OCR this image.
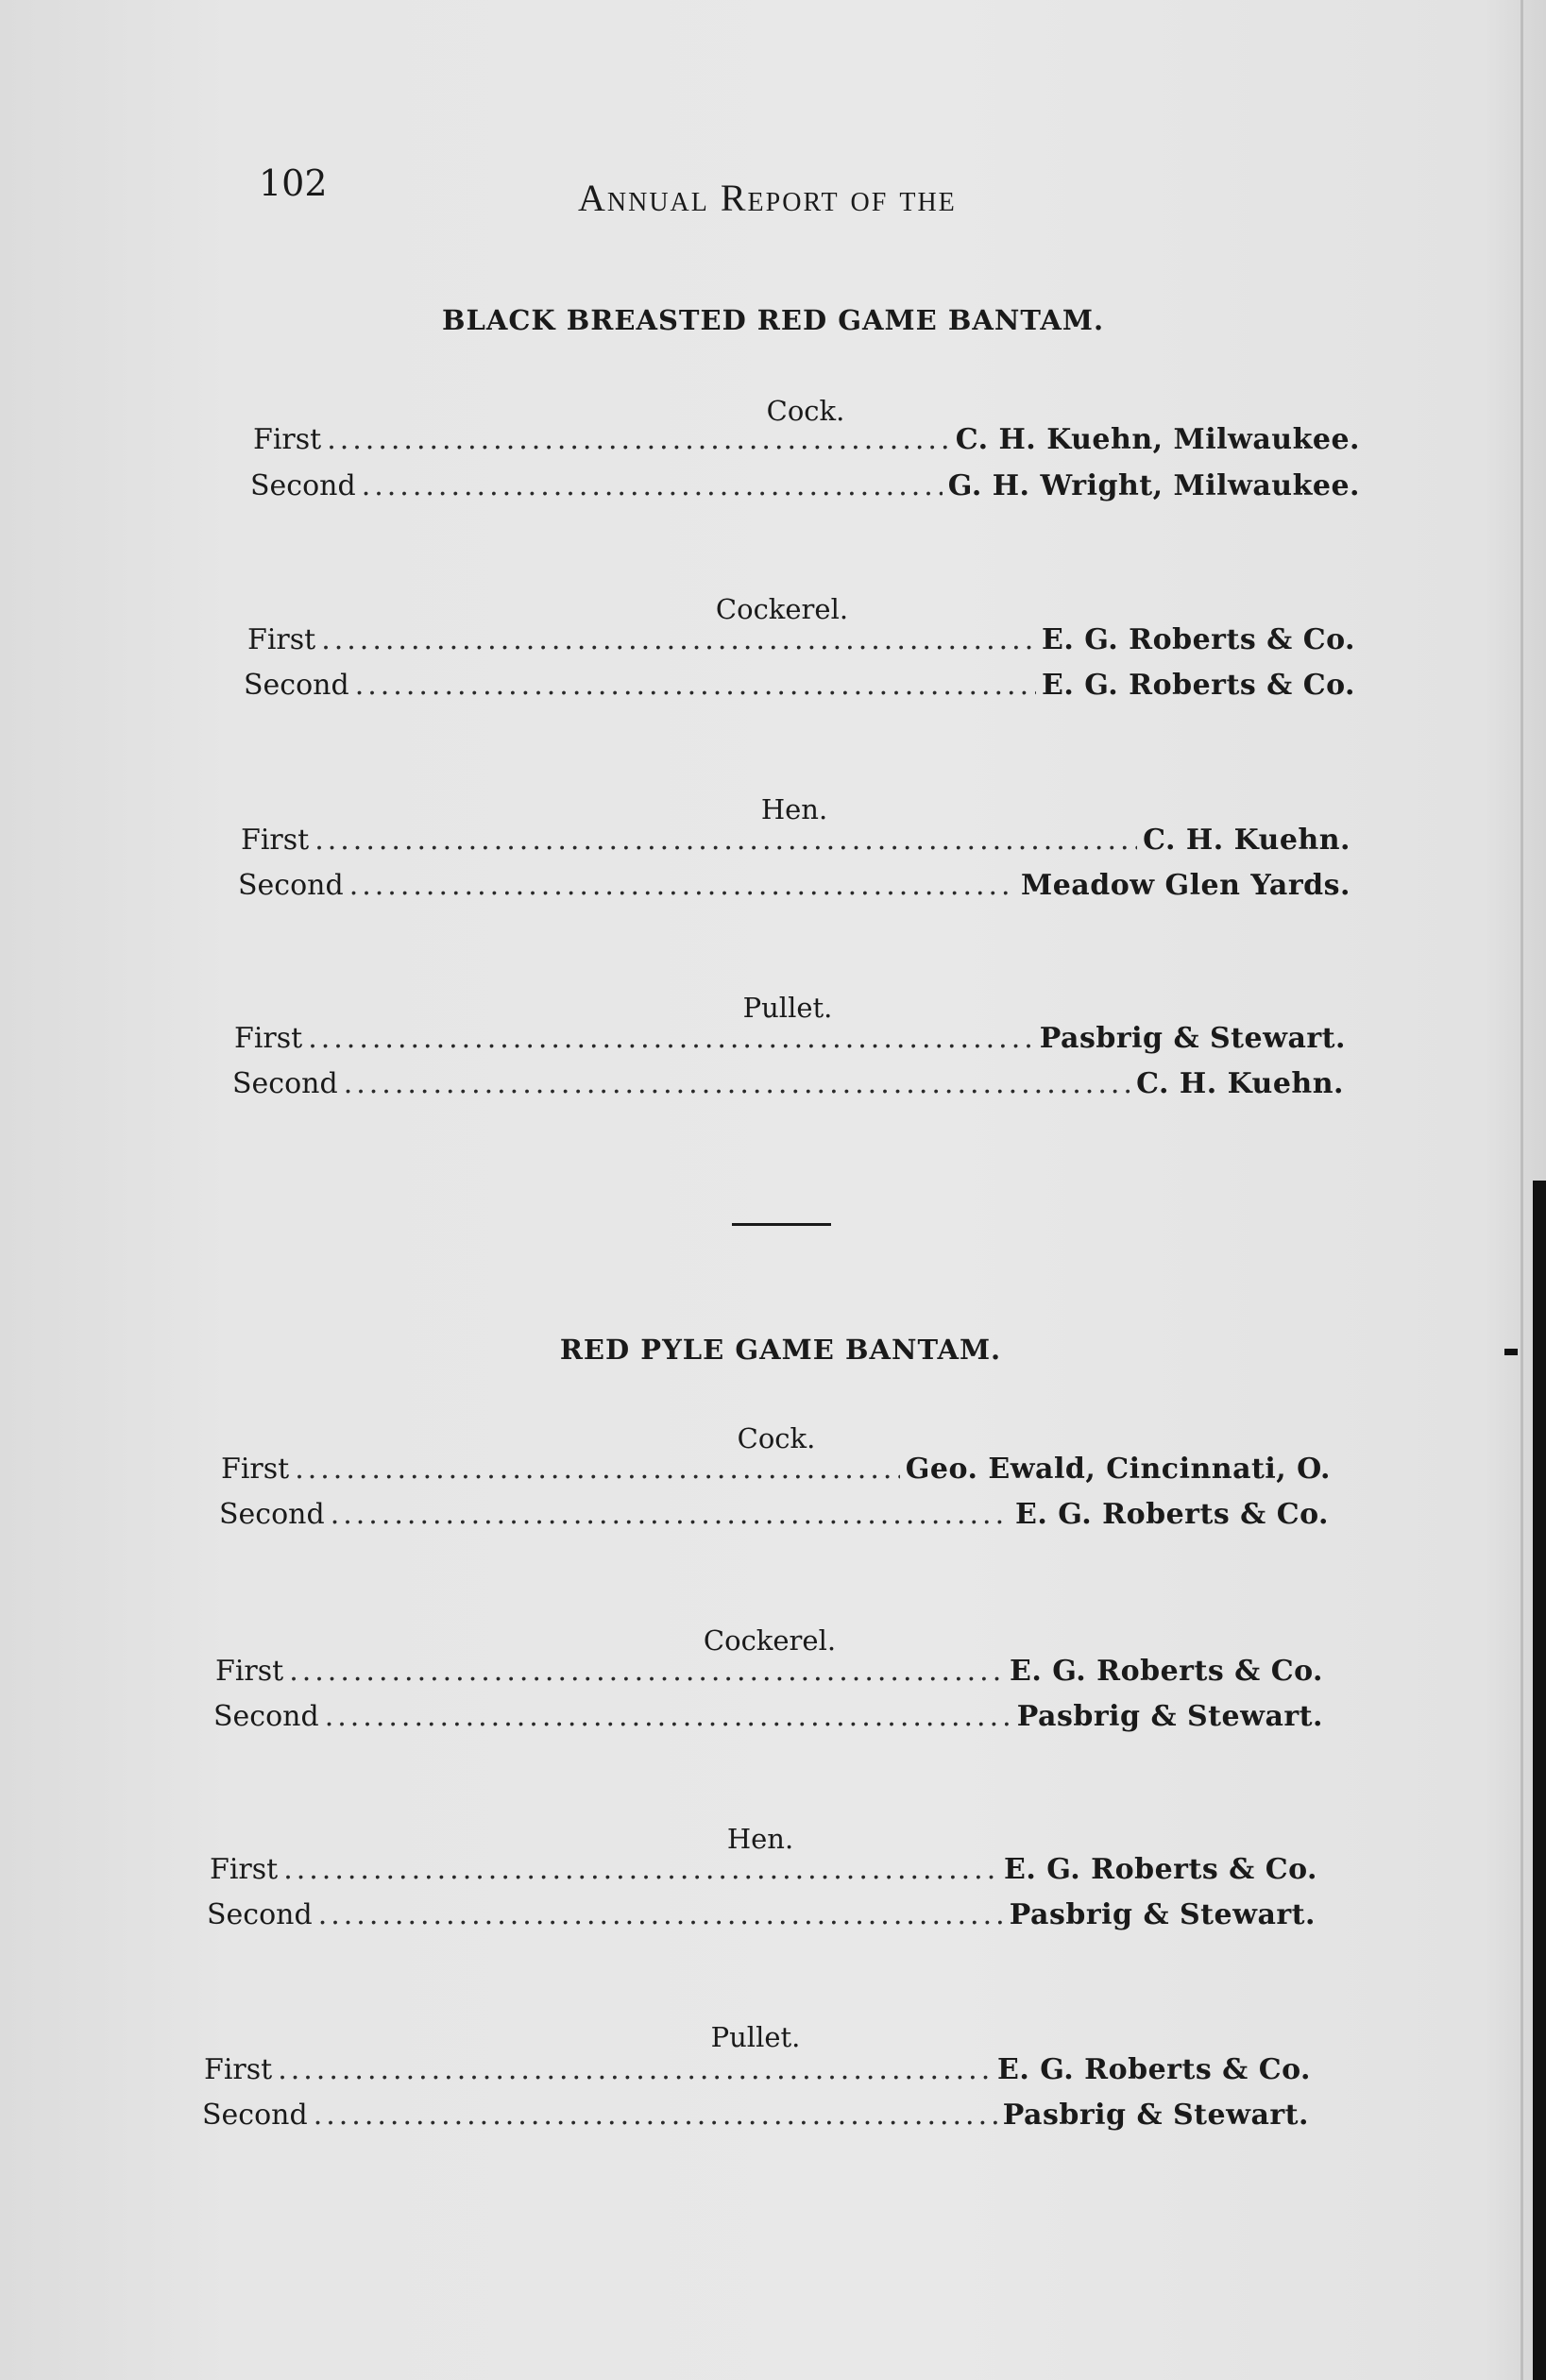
102	Annual Report of the
BLACK BREASTED RED GAME BANTAM.
Cock.
First .....	C. H. Kuehn, Milwaukee.
Second .....	G. H. Wright, Milwaukee.
Cockerel.
First .....	E. G. Roberts & Co.
Second .....	E. G. Roberts & Co.
Hen.
First .....	C. H. Kuehn.
Second .....	Meadow Glen Yards.
Pullet.
First .....	Pasbrig & Stewart.
Second .....	C. H. Kuehn.
RED PYLE GAME BANTAM.
Cock.
First .....	Geo. Ewald, Cincinnati, O.
Second .....	E. G. Roberts & Co.
Cockerel.
First .....	E. G. Roberts & Co.
Second .....	Pasbrig & Stewart.
Hen.
First .....	E. G. Roberts & Co.
Second .....	Pasbrig & Stewart.
Pullet.
First .....	E. G. Roberts & Co.
Second .....	Pasbrig & Stewart.
